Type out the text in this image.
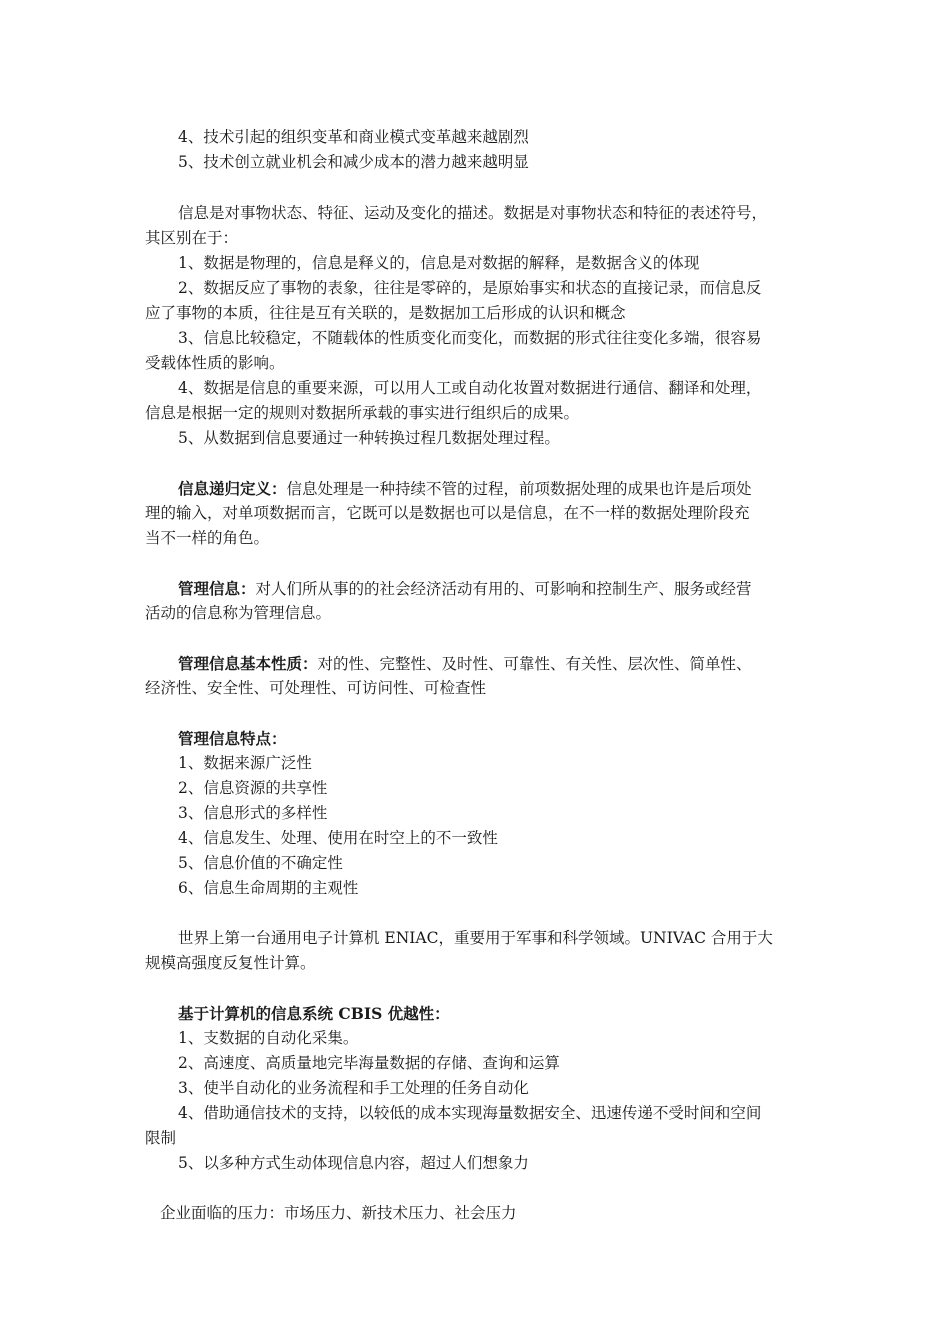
4、技术引起的组织变革和商业模式变革越来越剧烈
5、技术创立就业机会和减少成本的潜力越来越明显
信息是对事物状态、特征、运动及变化的描述。数据是对事物状态和特征的表述符号，
其区别在于：
1、数据是物理的，信息是释义的，信息是对数据的解释，是数据含义的体现
2、数据反应了事物的表象，往往是零碎的，是原始事实和状态的直接记录，而信息反
应了事物的本质，往往是互有关联的，是数据加工后形成的认识和概念
3、信息比较稳定，不随载体的性质变化而变化，而数据的形式往往变化多端，很容易
受载体性质的影响。
4、数据是信息的重要来源，可以用人工或自动化妆置对数据进行通信、翻译和处理，
信息是根据一定的规则对数据所承载的事实进行组织后的成果。
5、从数据到信息要通过一种转换过程几数据处理过程。
信息递归定义：信息处理是一种持续不管的过程，前项数据处理的成果也许是后项处
理的输入，对单项数据而言，它既可以是数据也可以是信息，在不一样的数据处理阶段充
当不一样的角色。
管理信息：对人们所从事的的社会经济活动有用的、可影响和控制生产、服务或经营
活动的信息称为管理信息。
管理信息基本性质：对的性、完整性、及时性、可靠性、有关性、层次性、简单性、
经济性、安全性、可处理性、可访问性、可检查性
管理信息特点：
1、数据来源广泛性
2、信息资源的共享性
3、信息形式的多样性
4、信息发生、处理、使用在时空上的不一致性
5、信息价值的不确定性
6、信息生命周期的主观性
世界上第一台通用电子计算机 ENIAC，重要用于军事和科学领域。UNIVAC 合用于大
规模高强度反复性计算。
基于计算机的信息系统 CBIS 优越性：
1、支数据的自动化采集。
2、高速度、高质量地完毕海量数据的存储、查询和运算
3、使半自动化的业务流程和手工处理的任务自动化
4、借助通信技术的支持，以较低的成本实现海量数据安全、迅速传递不受时间和空间
限制
5、以多种方式生动体现信息内容，超过人们想象力
企业面临的压力：市场压力、新技术压力、社会压力
